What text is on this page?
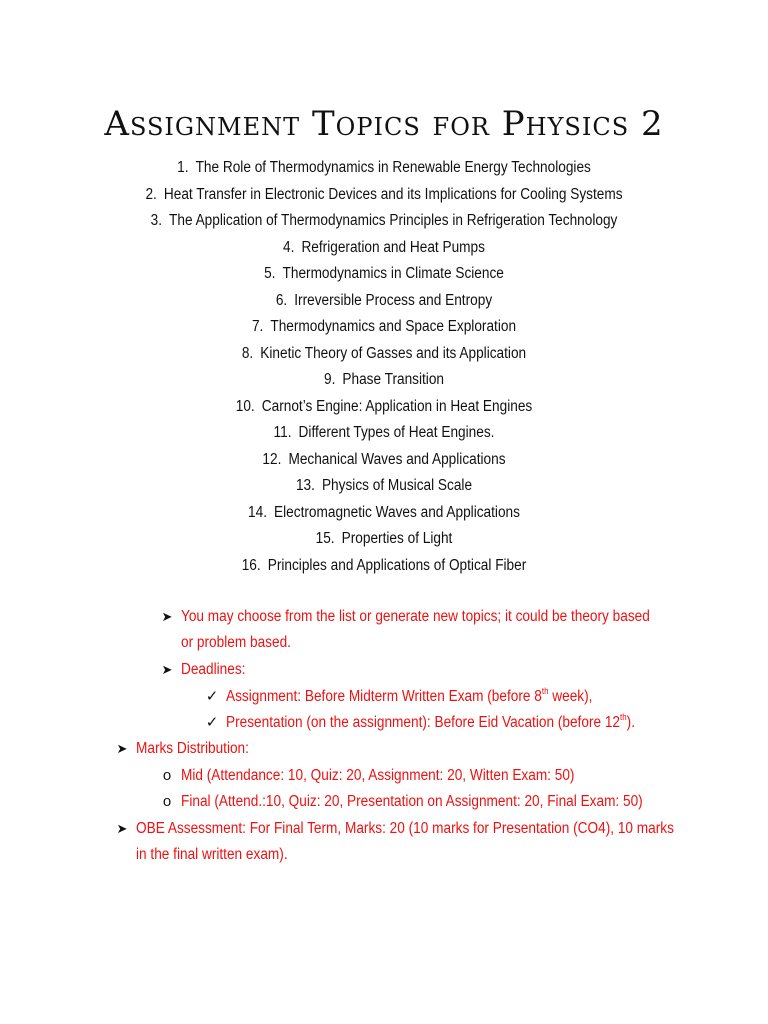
Assignment Topics for Physics 2
1. The Role of Thermodynamics in Renewable Energy Technologies
2. Heat Transfer in Electronic Devices and its Implications for Cooling Systems
3. The Application of Thermodynamics Principles in Refrigeration Technology
4. Refrigeration and Heat Pumps
5. Thermodynamics in Climate Science
6. Irreversible Process and Entropy
7. Thermodynamics and Space Exploration
8. Kinetic Theory of Gasses and its Application
9. Phase Transition
10. Carnot’s Engine: Application in Heat Engines
11. Different Types of Heat Engines.
12. Mechanical Waves and Applications
13. Physics of Musical Scale
14. Electromagnetic Waves and Applications
15. Properties of Light
16. Principles and Applications of Optical Fiber
➤ You may choose from the list or generate new topics; it could be theory based
or problem based.
➤ Deadlines:
✓ Assignment: Before Midterm Written Exam (before 8th week),
✓ Presentation (on the assignment): Before Eid Vacation (before 12th).
➤ Marks Distribution:
o Mid (Attendance: 10, Quiz: 20, Assignment: 20, Witten Exam: 50)
o Final (Attend.:10, Quiz: 20, Presentation on Assignment: 20, Final Exam: 50)
➤ OBE Assessment: For Final Term, Marks: 20 (10 marks for Presentation (CO4), 10 marks
in the final written exam).
